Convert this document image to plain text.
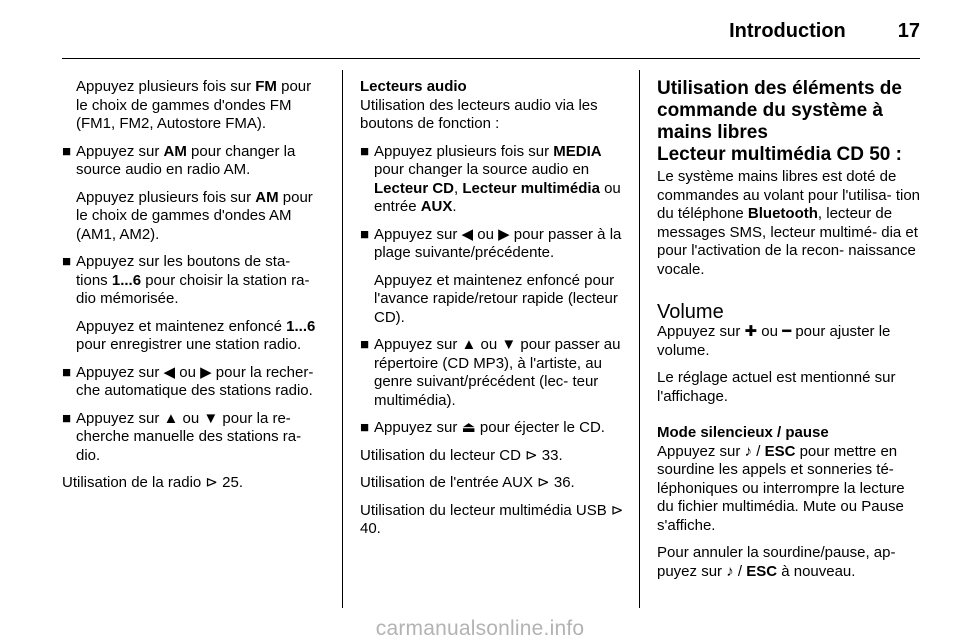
Introduction	17

Appuyez plusieurs fois sur FM pour le choix de gammes d'ondes FM (FM1, FM2, Autostore FMA).

■ Appuyez sur AM pour changer la source audio en radio AM.

Appuyez plusieurs fois sur AM pour le choix de gammes d'ondes AM (AM1, AM2).

■ Appuyez sur les boutons de sta- tions 1...6 pour choisir la station ra- dio mémorisée.

Appuyez et maintenez enfoncé 1...6 pour enregistrer une station radio.

■ Appuyez sur ◀ ou ▶ pour la recher- che automatique des stations radio.

■ Appuyez sur ▲ ou ▼ pour la re- cherche manuelle des stations ra- dio.

Utilisation de la radio ⊳ 25.

Lecteurs audio

Utilisation des lecteurs audio via les boutons de fonction :

■ Appuyez plusieurs fois sur MEDIA pour changer la source audio en Lecteur CD, Lecteur multimédia ou entrée AUX.

■ Appuyez sur ◀ ou ▶ pour passer à la plage suivante/précédente.

Appuyez et maintenez enfoncé pour l'avance rapide/retour rapide (lecteur CD).

■ Appuyez sur ▲ ou ▼ pour passer au répertoire (CD MP3), à l'artiste, au genre suivant/précédent (lec- teur multimédia).

■ Appuyez sur ⏏ pour éjecter le CD.

Utilisation du lecteur CD ⊳ 33.

Utilisation de l'entrée AUX ⊳ 36.

Utilisation du lecteur multimédia USB ⊳ 40.

Utilisation des éléments de commande du système à mains libres

Lecteur multimédia CD 50 :

Le système mains libres est doté de commandes au volant pour l'utilisa- tion du téléphone Bluetooth, lecteur de messages SMS, lecteur multimé- dia et pour l'activation de la recon- naissance vocale.

Volume

Appuyez sur ✚ ou ━ pour ajuster le volume.

Le réglage actuel est mentionné sur l'affichage.

Mode silencieux / pause

Appuyez sur ♪ / ESC pour mettre en sourdine les appels et sonneries té- léphoniques ou interrompre la lecture du fichier multimédia. Mute ou Pause s'affiche.

Pour annuler la sourdine/pause, ap- puyez sur ♪ / ESC à nouveau.

carmanualsonline.info
